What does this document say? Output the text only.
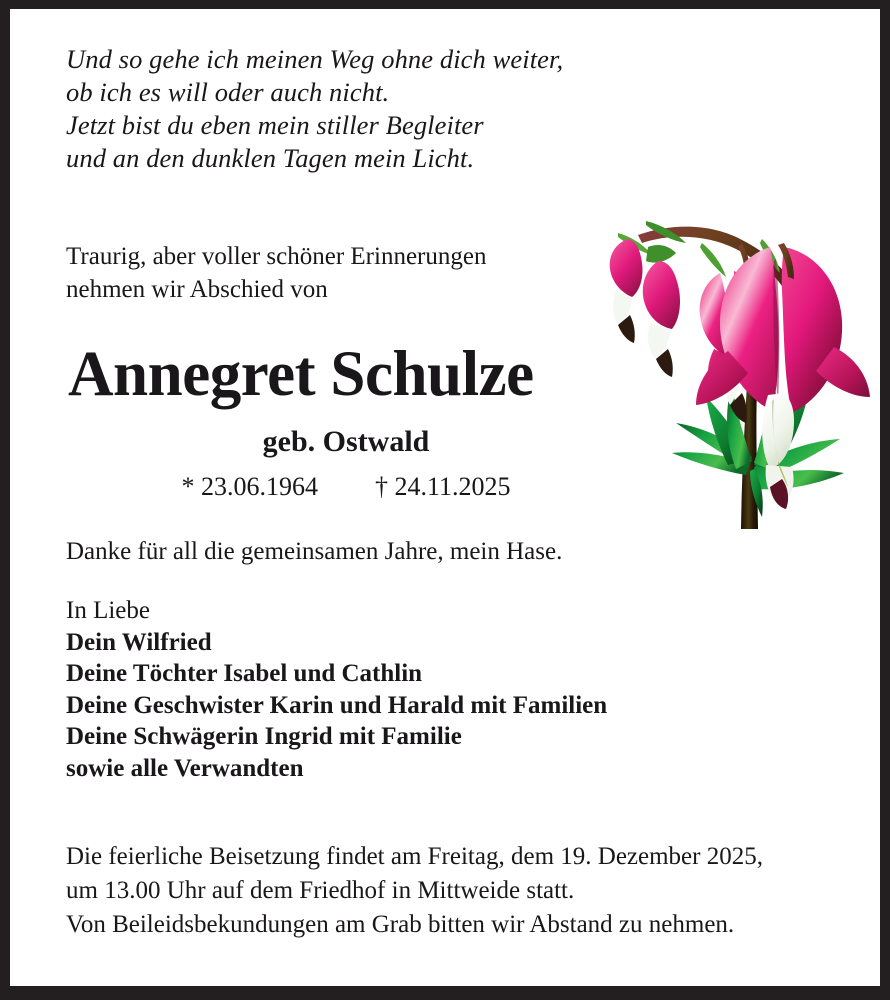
Und so gehe ich meinen Weg ohne dich weiter,
ob ich es will oder auch nicht.
Jetzt bist du eben mein stiller Begleiter
und an den dunklen Tagen mein Licht.
Traurig, aber voller schöner Erinnerungen
nehmen wir Abschied von
Annegret Schulze
geb. Ostwald
* 23.06.1964 † 24.11.2025
Danke für all die gemeinsamen Jahre, mein Hase.
In Liebe
Dein Wilfried
Deine Töchter Isabel und Cathlin
Deine Geschwister Karin und Harald mit Familien
Deine Schwägerin Ingrid mit Familie
sowie alle Verwandten
Die feierliche Beisetzung findet am Freitag, dem 19. Dezember 2025,
um 13.00 Uhr auf dem Friedhof in Mittweide statt.
Von Beileidsbekundungen am Grab bitten wir Abstand zu nehmen.
